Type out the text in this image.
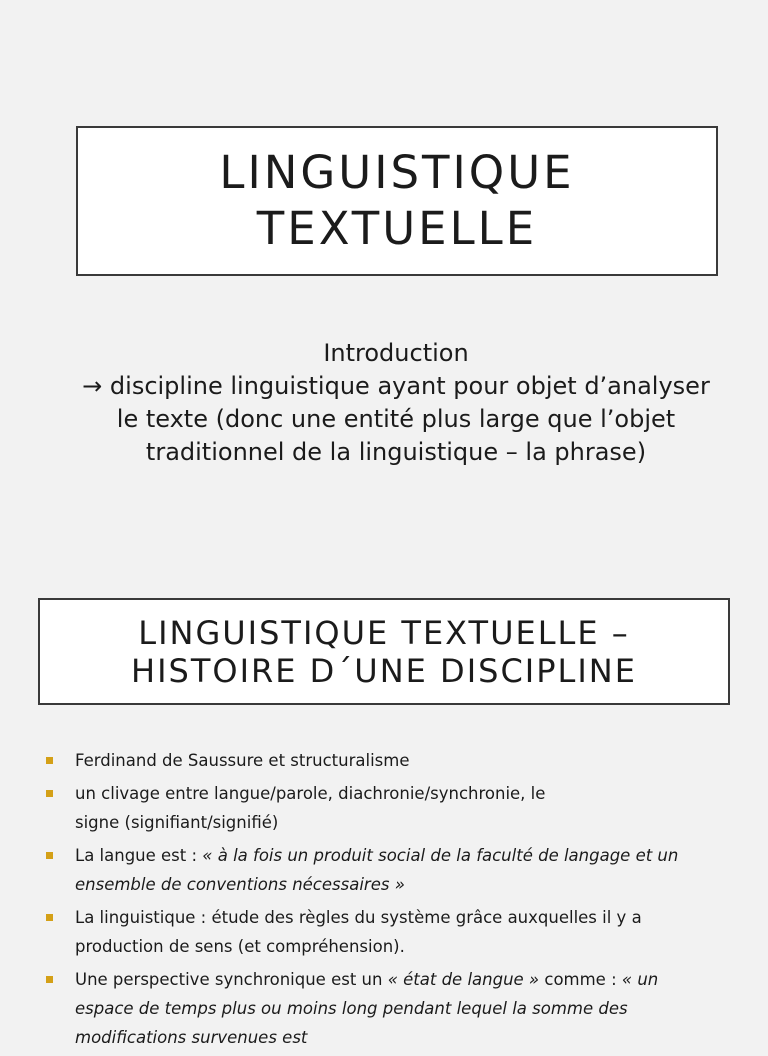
LINGUISTIQUE
TEXTUELLE
Introduction
→ discipline linguistique ayant pour objet d’analyser
le texte (donc une entité plus large que l’objet
traditionnel de la linguistique – la phrase)
LINGUISTIQUE TEXTUELLE –
HISTOIRE D´UNE DISCIPLINE
Ferdinand de Saussure et structuralisme
un clivage entre langue/parole, diachronie/synchronie, le
signe (signifiant/signifié)
La langue est : « à la fois un produit social de la faculté de langage et un ensemble de conventions nécessaires »
La linguistique : étude des règles du système grâce auxquelles il y a production de sens (et compréhension).
Une perspective synchronique est un « état de langue » comme : « un espace de temps plus ou moins long pendant lequel la somme des modifications survenues est
